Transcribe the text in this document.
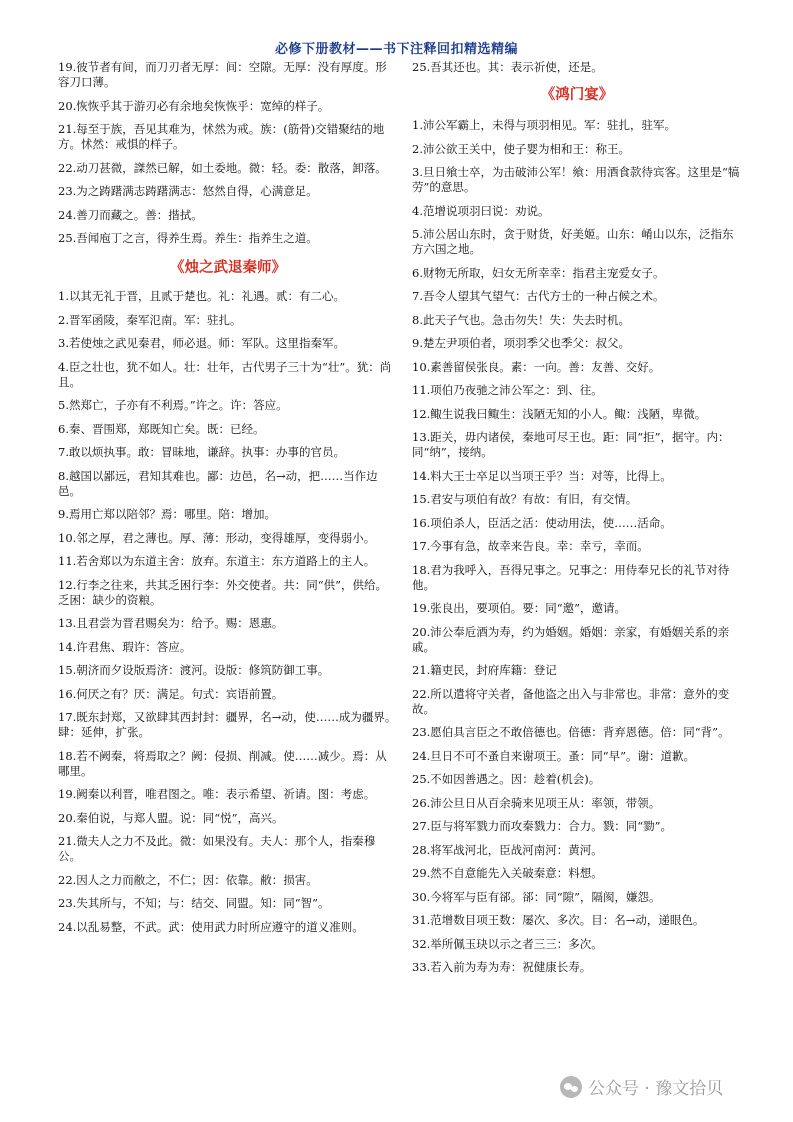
必修下册教材——书下注释回扣精选精编
19.彼节者有间，而刀刃者无厚：间：空隙。无厚：没有厚度。形容刀口薄。
20.恢恢乎其于游刃必有余地矣恢恢乎：宽绰的样子。
21.每至于族，吾见其难为，怵然为戒。族：(筋骨)交错聚结的地方。怵然：戒惧的样子。
22.动刀甚微，謋然已解，如土委地。微：轻。委：散落，卸落。
23.为之踌躇满志踌躇满志：悠然自得，心满意足。
24.善刀而藏之。善：揩拭。
25.吾闻庖丁之言，得养生焉。养生：指养生之道。
《烛之武退秦师》
1.以其无礼于晋，且贰于楚也。礼：礼遇。贰：有二心。
2.晋军函陵，秦军氾南。军：驻扎。
3.若使烛之武见秦君，师必退。师：军队。这里指秦军。
4.臣之壮也，犹不如人。壮：壮年，古代男子三十为“壮”。犹：尚且。
5.然郑亡，子亦有不利焉。”许之。许：答应。
6.秦、晋围郑，郑既知亡矣。既：已经。
7.敢以烦执事。敢：冒昧地，谦辞。执事：办事的官员。
8.越国以鄙远，君知其难也。鄙：边邑，名→动，把……当作边邑。
9.焉用亡郑以陪邻？焉：哪里。陪：增加。
10.邻之厚，君之薄也。厚、薄：形动，变得雄厚，变得弱小。
11.若舍郑以为东道主舍：放弃。东道主：东方道路上的主人。
12.行李之往来，共其乏困行李：外交使者。共：同“供”，供给。乏困：缺少的资粮。
13.且君尝为晋君赐矣为：给予。赐：恩惠。
14.许君焦、瑕许：答应。
15.朝济而夕设版焉济：渡河。设版：修筑防御工事。
16.何厌之有？厌：满足。句式：宾语前置。
17.既东封郑，又欲肆其西封封：疆界，名→动，使……成为疆界。肆：延伸，扩张。
18.若不阙秦，将焉取之？阙：侵损、削减。使……减少。焉：从哪里。
19.阙秦以利晋，唯君图之。唯：表示希望、祈请。图：考虑。
20.秦伯说，与郑人盟。说：同“悦”，高兴。
21.微夫人之力不及此。微：如果没有。夫人：那个人，指秦穆公。
22.因人之力而敝之，不仁；因：依靠。敝：损害。
23.失其所与，不知；与：结交、同盟。知：同“智”。
24.以乱易整，不武。武：使用武力时所应遵守的道义准则。
25.吾其还也。其：表示祈使，还是。
《鸿门宴》
1.沛公军霸上，未得与项羽相见。军：驻扎，驻军。
2.沛公欲王关中，使子婴为相和王：称王。
3.旦日飨士卒，为击破沛公军！飨：用酒食款待宾客。这里是“犒劳”的意思。
4.范增说项羽曰说：劝说。
5.沛公居山东时，贪于财货，好美姬。山东：崤山以东，泛指东方六国之地。
6.财物无所取，妇女无所幸幸：指君主宠爱女子。
7.吾令人望其气望气：古代方士的一种占候之术。
8.此天子气也。急击勿失！失：失去时机。
9.楚左尹项伯者，项羽季父也季父：叔父。
10.素善留侯张良。素：一向。善：友善、交好。
11.项伯乃夜驰之沛公军之：到、往。
12.鲰生说我曰鲰生：浅陋无知的小人。鲰：浅陋，卑微。
13.距关，毋内诸侯，秦地可尽王也。距：同“拒”，据守。内：同“纳”，接纳。
14.料大王士卒足以当项王乎？当：对等，比得上。
15.君安与项伯有故？有故：有旧，有交情。
16.项伯杀人，臣活之活：使动用法，使……活命。
17.今事有急，故幸来告良。幸：幸亏，幸而。
18.君为我呼入，吾得兄事之。兄事之：用侍奉兄长的礼节对待他。
19.张良出，要项伯。要：同“邀”，邀请。
20.沛公奉卮酒为寿，约为婚姻。婚姻：亲家，有婚姻关系的亲戚。
21.籍吏民，封府库籍：登记
22.所以遣将守关者，备他盗之出入与非常也。非常：意外的变故。
23.愿伯具言臣之不敢倍德也。倍德：背弃恩德。倍：同“背”。
24.旦日不可不蚤自来谢项王。蚤：同“早”。谢：道歉。
25.不如因善遇之。因：趁着(机会)。
26.沛公旦日从百余骑来见项王从：率领，带领。
27.臣与将军戮力而攻秦戮力：合力。戮：同“勠”。
28.将军战河北，臣战河南河：黄河。
29.然不自意能先入关破秦意：料想。
30.今将军与臣有郤。郤：同“隙”，隔阂，嫌怨。
31.范增数目项王数：屡次、多次。目：名→动，递眼色。
32.举所佩玉玦以示之者三三：多次。
33.若入前为寿为寿：祝健康长寿。
公众号 · 豫文拾贝
